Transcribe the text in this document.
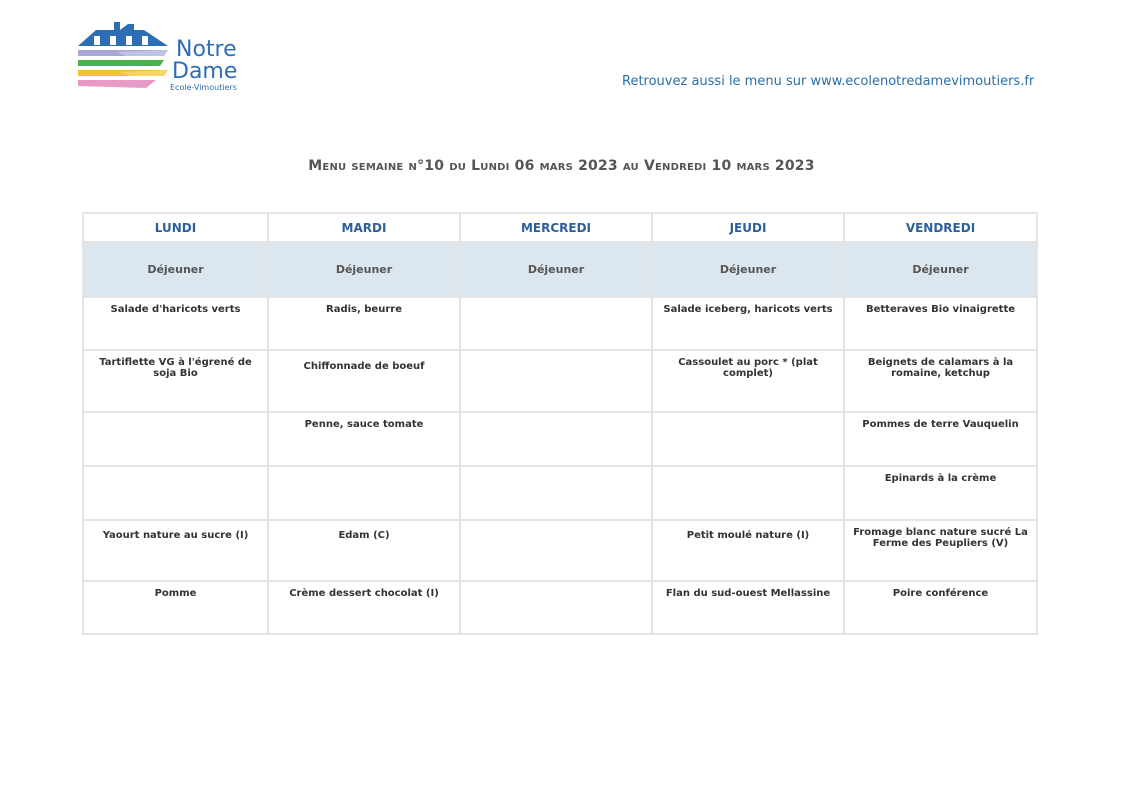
Notre
Dame
Ecole-Vimoutiers	Retrouvez aussi le menu sur www.ecolenotredamevimoutiers.fr
Menu semaine n°10 du Lundi 06 mars 2023 au Vendredi 10 mars 2023
LUNDI	MARDI	MERCREDI	JEUDI	VENDREDI
Déjeuner	Déjeuner	Déjeuner	Déjeuner	Déjeuner
Salade d'haricots verts	Radis, beurre		Salade iceberg, haricots verts	Betteraves Bio vinaigrette
Tartiflette VG à l'égrené de soja Bio	Chiffonnade de boeuf		Cassoulet au porc * (plat complet)	Beignets de calamars à la romaine, ketchup
	Penne, sauce tomate			Pommes de terre Vauquelin
				Epinards à la crème
Yaourt nature au sucre (I)	Edam (C)		Petit moulé nature (I)	Fromage blanc nature sucré La Ferme des Peupliers (V)
Pomme	Crème dessert chocolat (I)		Flan du sud-ouest Mellassine	Poire conférence
